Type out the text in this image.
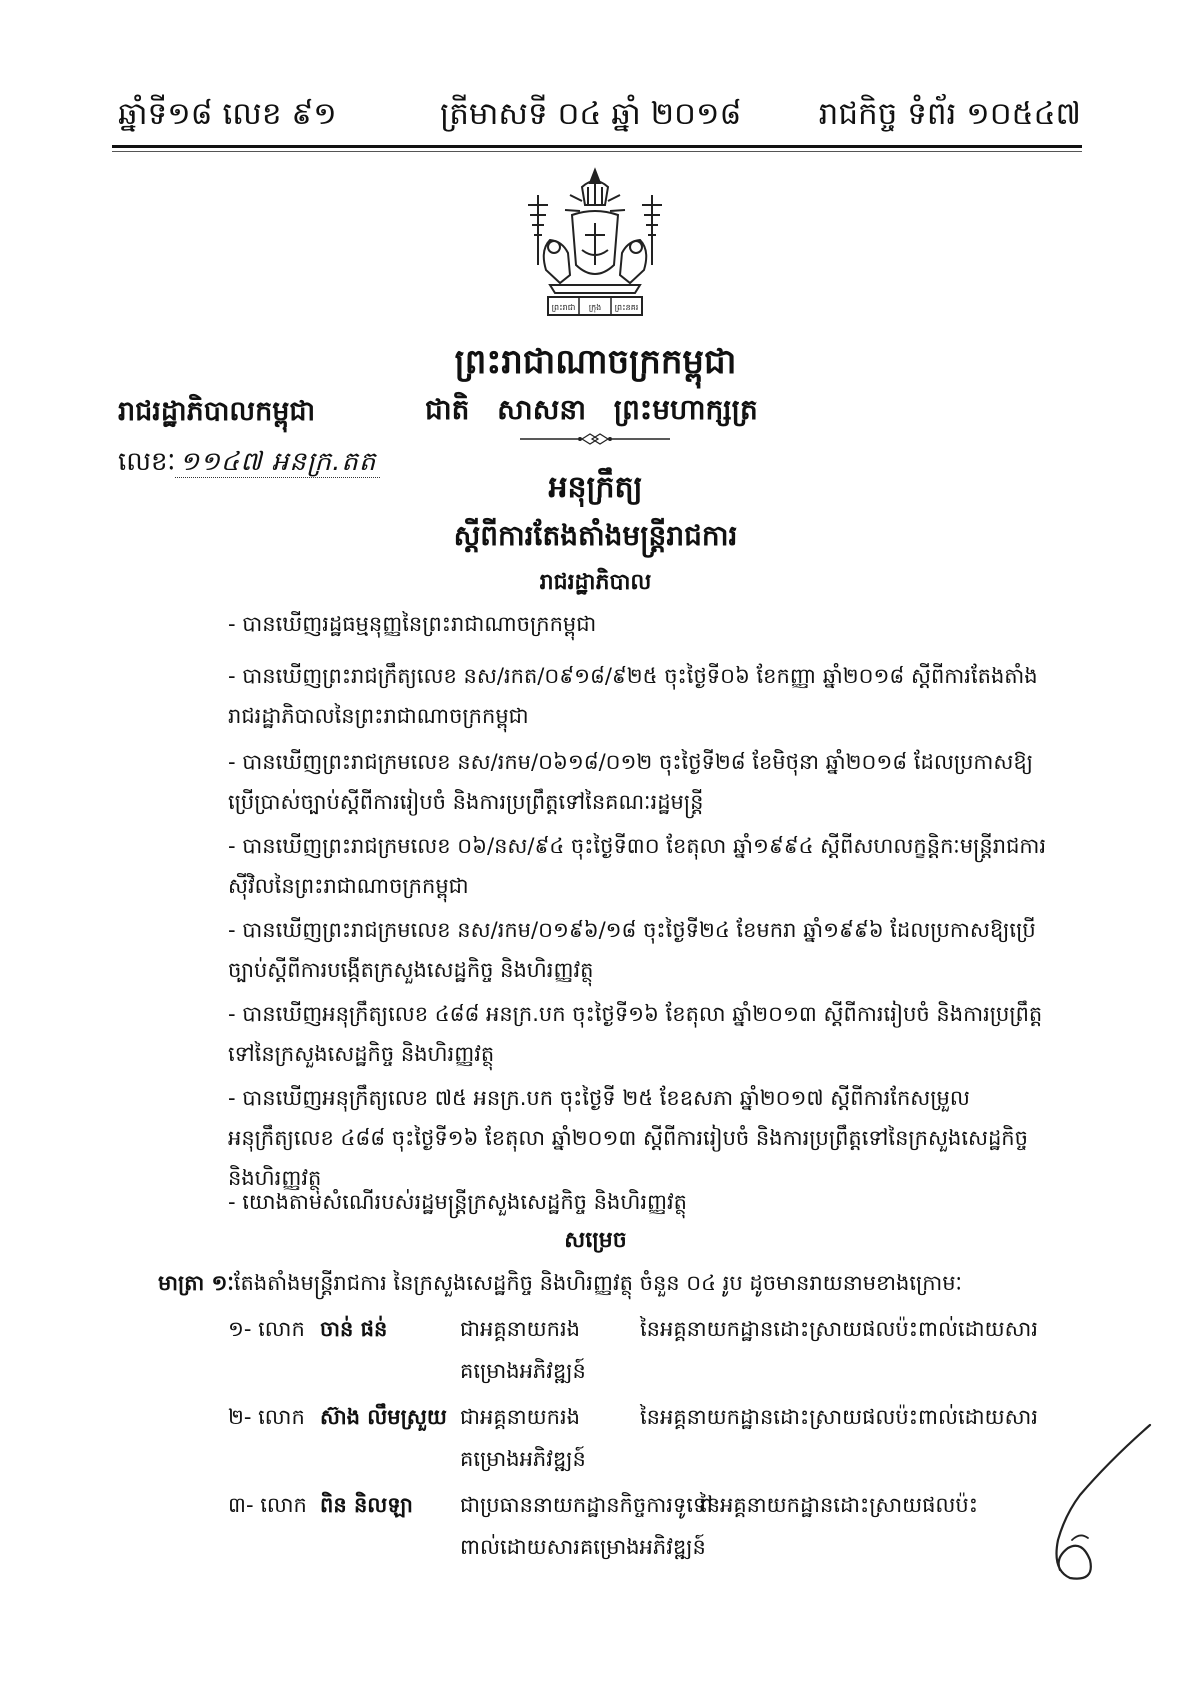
ឆ្នាំទី១៨ លេខ ៩១	ត្រីមាសទី ០៤ ឆ្នាំ ២០១៨ រាជកិច្ច ទំព័រ ១០៥៤៧
ព្រះរាជា ក្រុង ព្រះនគរ
ព្រះរាជាណាចក្រកម្ពុជា
រាជរដ្ឋាភិបាលកម្ពុជា	ជាតិ សាសនា ព្រះមហាក្សត្រ
លេខៈ ១១៤៧ អនក្រ.តត
អនុក្រឹត្យ
ស្តីពីការតែងតាំងមន្ត្រីរាជការ
រាជរដ្ឋាភិបាល
- បានឃើញរដ្ឋធម្មនុញ្ញនៃព្រះរាជាណាចក្រកម្ពុជា
- បានឃើញព្រះរាជក្រឹត្យលេខ នស/រកត/០៩១៨/៩២៥ ចុះថ្ងៃទី០៦ ខែកញ្ញា ឆ្នាំ២០១៨ ស្តីពីការតែងតាំងរាជរដ្ឋាភិបាលនៃព្រះរាជាណាចក្រកម្ពុជា
- បានឃើញព្រះរាជក្រមលេខ នស/រកម/០៦១៨/០១២ ចុះថ្ងៃទី២៨ ខែមិថុនា ឆ្នាំ២០១៨ ដែលប្រកាសឱ្យប្រើប្រាស់ច្បាប់ស្តីពីការរៀបចំ និងការប្រព្រឹត្តទៅនៃគណៈរដ្ឋមន្ត្រី
- បានឃើញព្រះរាជក្រមលេខ ០៦/នស/៩៤ ចុះថ្ងៃទី៣០ ខែតុលា ឆ្នាំ១៩៩៤ ស្តីពីសហលក្ខន្តិកៈមន្ត្រីរាជការស៊ីវិលនៃព្រះរាជាណាចក្រកម្ពុជា
- បានឃើញព្រះរាជក្រមលេខ នស/រកម/០១៩៦/១៨ ចុះថ្ងៃទី២៤ ខែមករា ឆ្នាំ១៩៩៦ ដែលប្រកាសឱ្យប្រើច្បាប់ស្តីពីការបង្កើតក្រសួងសេដ្ឋកិច្ច និងហិរញ្ញវត្ថុ
- បានឃើញអនុក្រឹត្យលេខ ៤៨៨ អនក្រ.បក ចុះថ្ងៃទី១៦ ខែតុលា ឆ្នាំ២០១៣ ស្តីពីការរៀបចំ និងការប្រព្រឹត្តទៅនៃក្រសួងសេដ្ឋកិច្ច និងហិរញ្ញវត្ថុ
- បានឃើញអនុក្រឹត្យលេខ ៧៥ អនក្រ.បក ចុះថ្ងៃទី ២៥ ខែឧសភា ឆ្នាំ២០១៧ ស្តីពីការកែសម្រួលអនុក្រឹត្យលេខ ៤៨៨ ចុះថ្ងៃទី១៦ ខែតុលា ឆ្នាំ២០១៣ ស្តីពីការរៀបចំ និងការប្រព្រឹត្តទៅនៃក្រសួងសេដ្ឋកិច្ច និងហិរញ្ញវត្ថុ
- យោងតាមសំណើរបស់រដ្ឋមន្ត្រីក្រសួងសេដ្ឋកិច្ច និងហិរញ្ញវត្ថុ
សម្រេច
មាត្រា ១ៈតែងតាំងមន្ត្រីរាជការ នៃក្រសួងសេដ្ឋកិច្ច និងហិរញ្ញវត្ថុ ចំនួន ០៤ រូប ដូចមានរាយនាមខាងក្រោមៈ
១- លោក ចាន់ ផន់	ជាអគ្គនាយករង	នៃអគ្គនាយកដ្ឋានដោះស្រាយផលប៉ះពាល់ដោយសារ
គម្រោងអភិវឌ្ឍន៍
២- លោក ស៊ាង លឹមស្រួយ ជាអគ្គនាយករង	នៃអគ្គនាយកដ្ឋានដោះស្រាយផលប៉ះពាល់ដោយសារ
គម្រោងអភិវឌ្ឍន៍
៣- លោក ពិន និលឡា ជាប្រធាននាយកដ្ឋានកិច្ចការទូទៅ
នៃអគ្គនាយកដ្ឋានដោះស្រាយផលប៉ះ
ពាល់ដោយសារគម្រោងអភិវឌ្ឍន៍
